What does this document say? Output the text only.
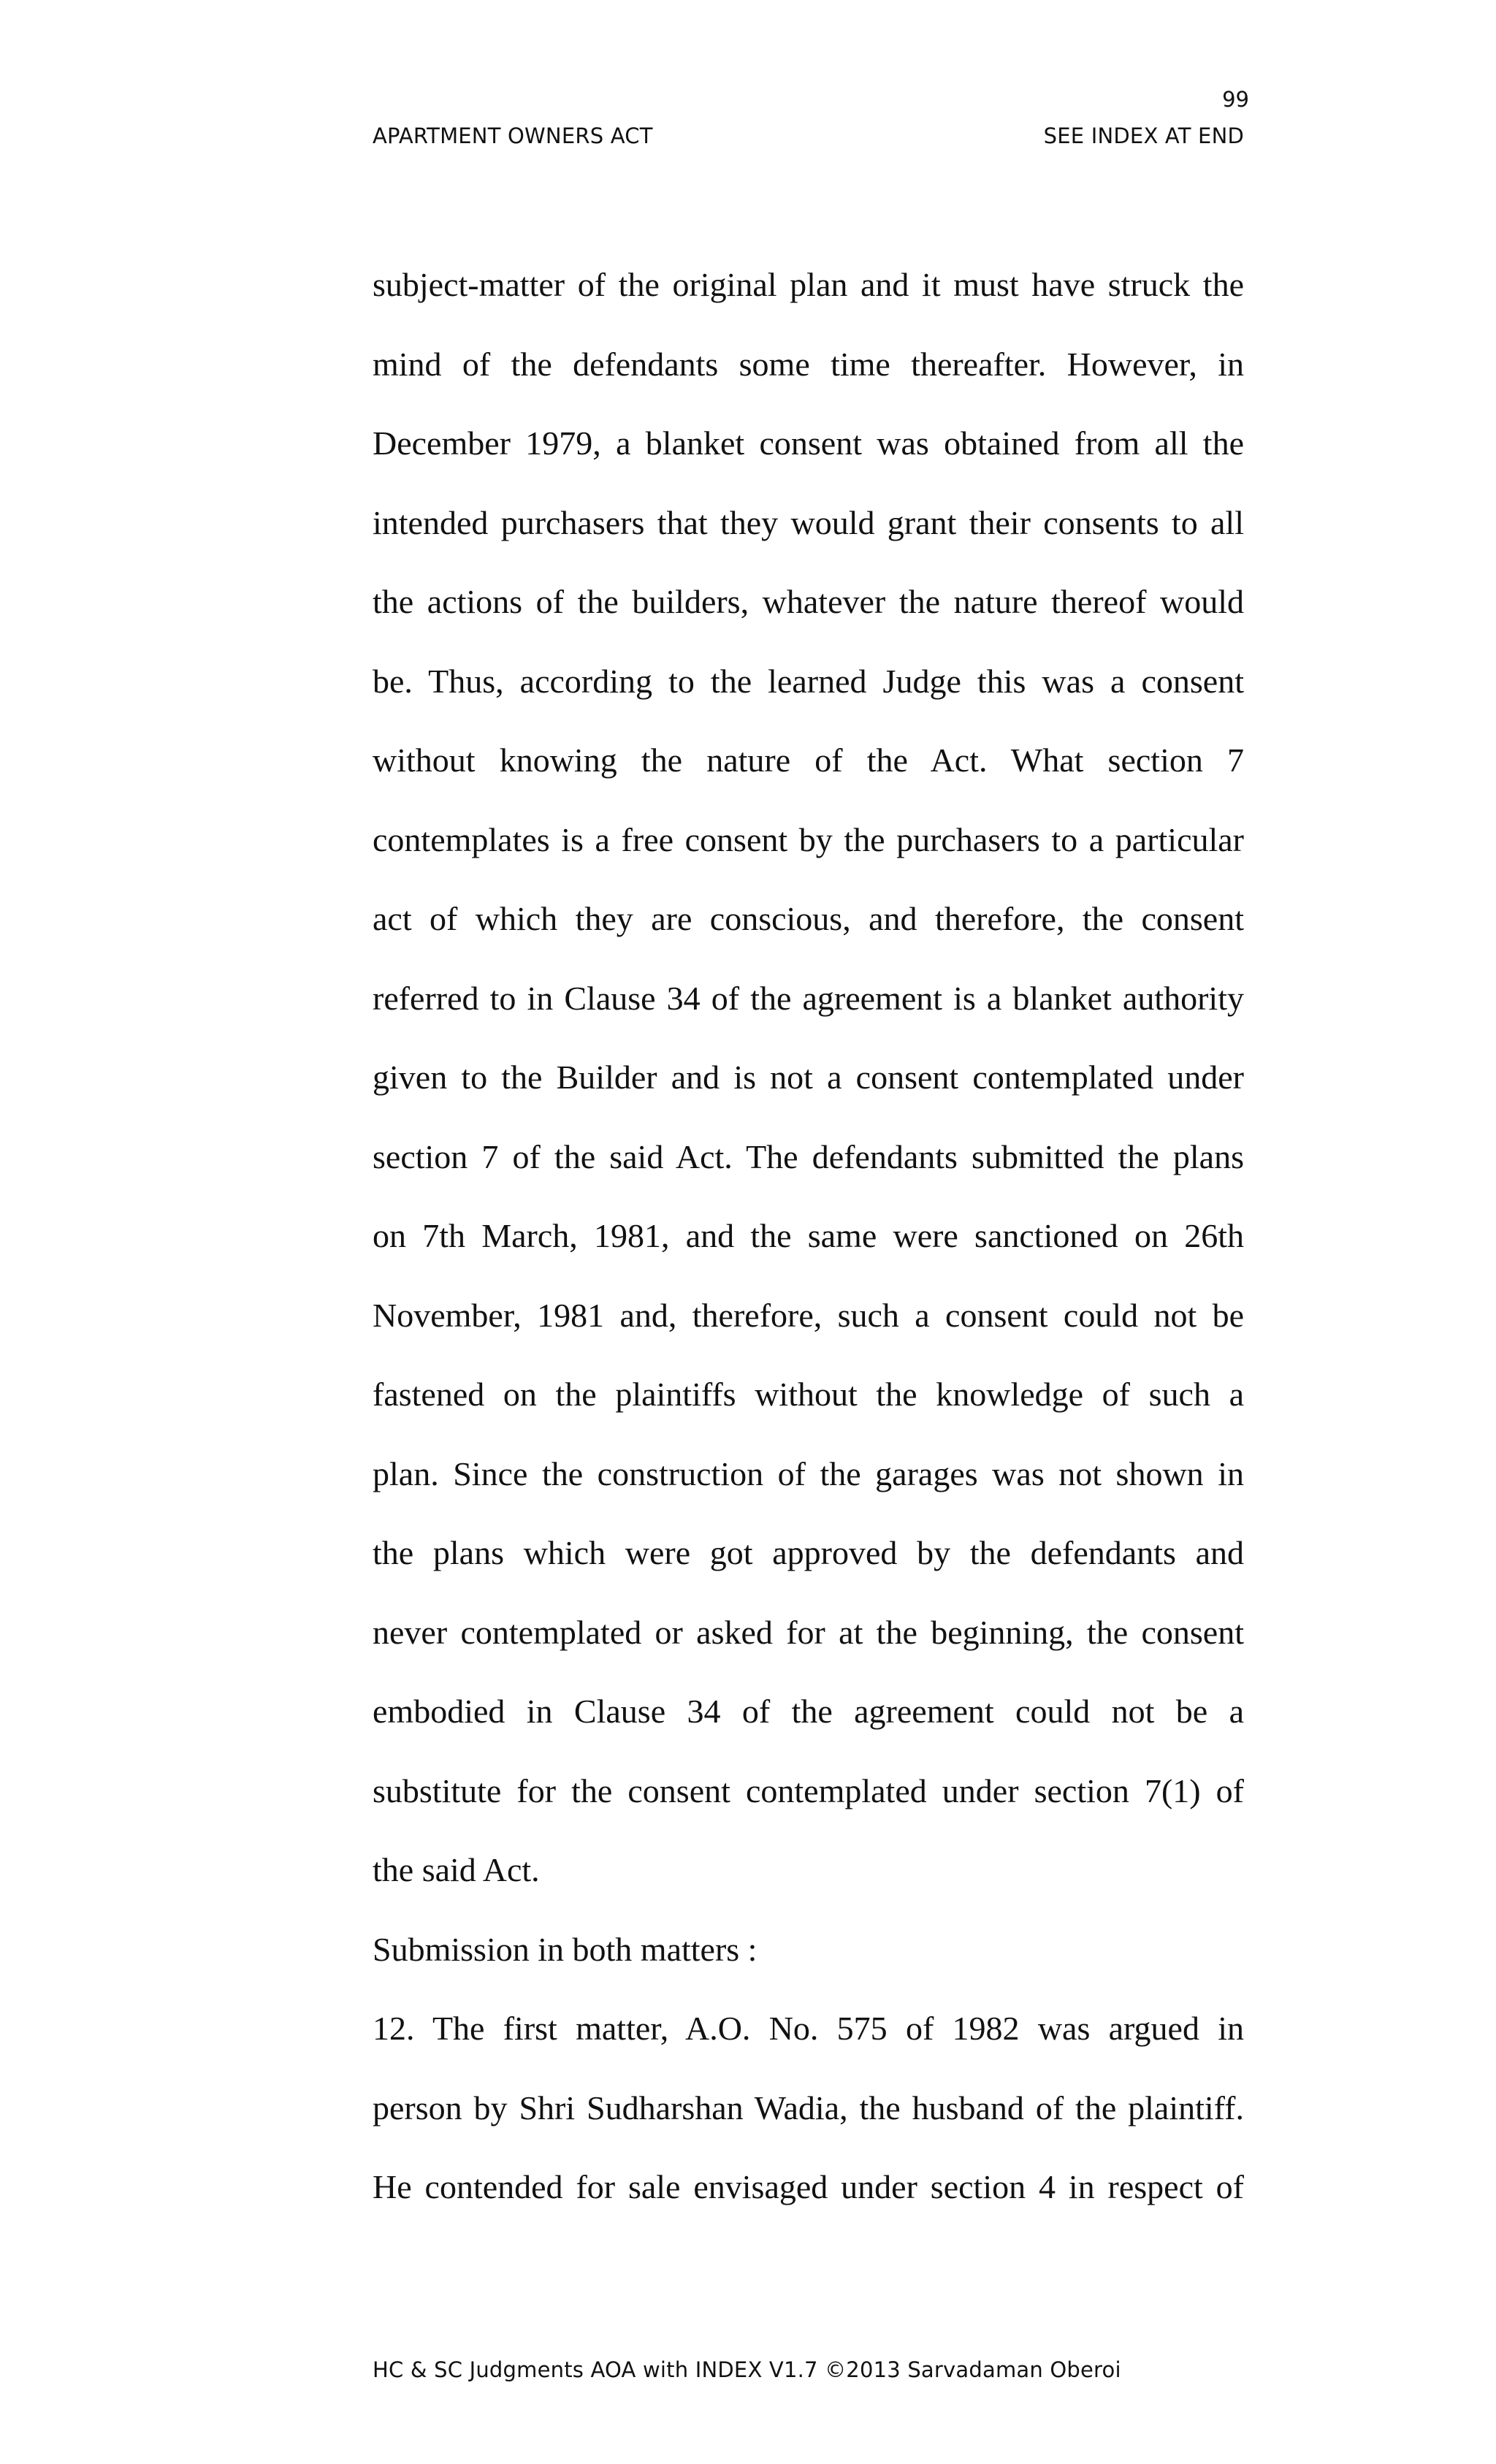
99
APARTMENT OWNERS ACT	SEE INDEX AT END
subject-matter of the original plan and it must have struck the
mind of the defendants some time thereafter. However, in
December 1979, a blanket consent was obtained from all the
intended purchasers that they would grant their consents to all
the actions of the builders, whatever the nature thereof would
be. Thus, according to the learned Judge this was a consent
without knowing the nature of the Act. What section 7
contemplates is a free consent by the purchasers to a particular
act of which they are conscious, and therefore, the consent
referred to in Clause 34 of the agreement is a blanket authority
given to the Builder and is not a consent contemplated under
section 7 of the said Act. The defendants submitted the plans
on 7th March, 1981, and the same were sanctioned on 26th
November, 1981 and, therefore, such a consent could not be
fastened on the plaintiffs without the knowledge of such a
plan. Since the construction of the garages was not shown in
the plans which were got approved by the defendants and
never contemplated or asked for at the beginning, the consent
embodied in Clause 34 of the agreement could not be a
substitute for the consent contemplated under section 7(1) of
the said Act.
Submission in both matters :
12. The first matter, A.O. No. 575 of 1982 was argued in
person by Shri Sudharshan Wadia, the husband of the plaintiff.
He contended for sale envisaged under section 4 in respect of
HC & SC Judgments AOA with INDEX V1.7 ©2013 Sarvadaman Oberoi
